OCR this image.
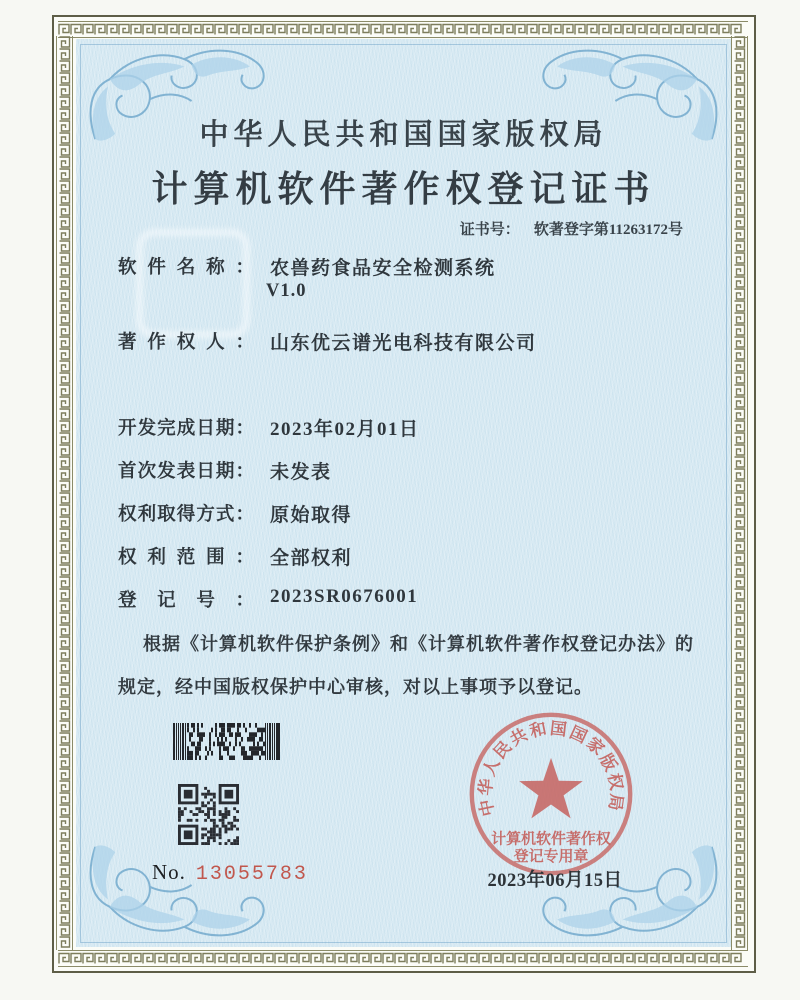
中华人民共和国国家版权局
计算机软件著作权登记证书
证书号： 软著登字第11263172号
软件名称： 农兽药食品安全检测系统
V1.0
著作权人： 山东优云谱光电科技有限公司
开发完成日期： 2023年02月01日
首次发表日期： 未发表
权利取得方式： 原始取得
权利范围： 全部权利
登记号： 2023SR0676001
根据《计算机软件保护条例》和《计算机软件著作权登记办法》的
规定，经中国版权保护中心审核，对以上事项予以登记。
No. 13055783
中华人民共和国国家版权局
计算机软件著作权
登记专用章
2023年06月15日
